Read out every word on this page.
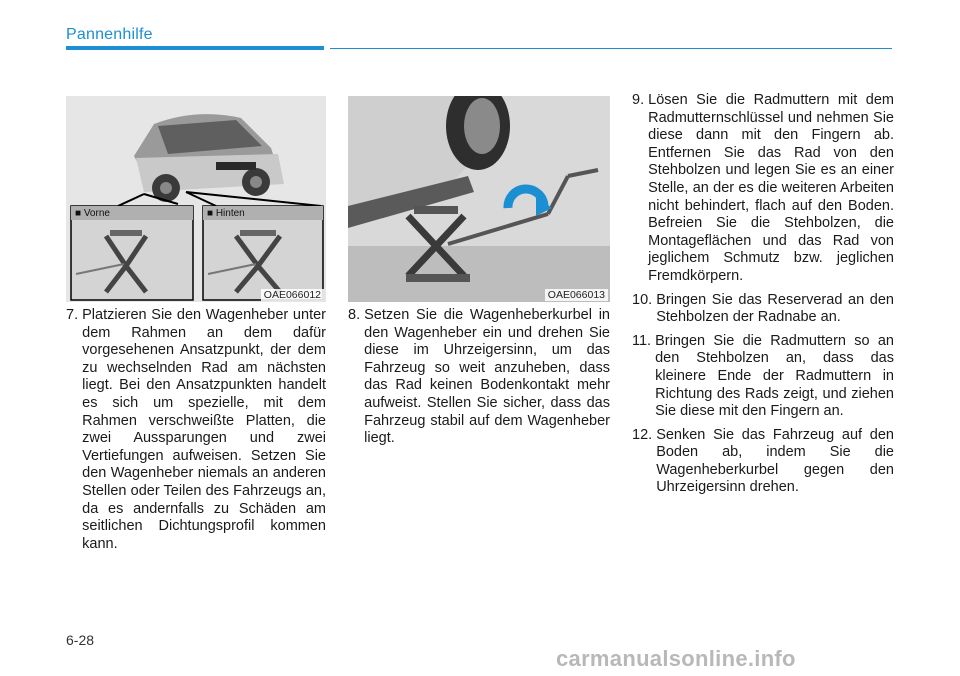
Pannenhilfe
■ Vorne	■ Hinten
OAE066012	OAE066013
7. Platzieren Sie den Wagenheber unter dem Rahmen an dem dafür vorgesehenen Ansatzpunkt, der dem zu wechselnden Rad am nächsten liegt. Bei den Ansatzpunkten handelt es sich um spezielle, mit dem Rahmen verschweißte Platten, die zwei Aussparungen und zwei Vertiefungen aufweisen. Setzen Sie den Wagenheber niemals an anderen Stellen oder Teilen des Fahrzeugs an, da es andernfalls zu Schäden am seitlichen Dichtungsprofil kommen kann.
8. Setzen Sie die Wagenheberkurbel in den Wagenheber ein und drehen Sie diese im Uhrzeigersinn, um das Fahrzeug so weit anzuheben, dass das Rad keinen Bodenkontakt mehr aufweist. Stellen Sie sicher, dass das Fahrzeug stabil auf dem Wagenheber liegt.
9. Lösen Sie die Radmuttern mit dem Radmutternschlüssel und nehmen Sie diese dann mit den Fingern ab. Entfernen Sie das Rad von den Stehbolzen und legen Sie es an einer Stelle, an der es die weiteren Arbeiten nicht behindert, flach auf den Boden. Befreien Sie die Stehbolzen, die Montageflächen und das Rad von jeglichem Schmutz bzw. jeglichen Fremdkörpern.
10. Bringen Sie das Reserverad an den Stehbolzen der Radnabe an.
11. Bringen Sie die Radmuttern so an den Stehbolzen an, dass das kleinere Ende der Radmuttern in Richtung des Rads zeigt, und ziehen Sie diese mit den Fingern an.
12. Senken Sie das Fahrzeug auf den Boden ab, indem Sie die Wagenheberkurbel gegen den Uhrzeigersinn drehen.
6-28
carmanualsonline.info
